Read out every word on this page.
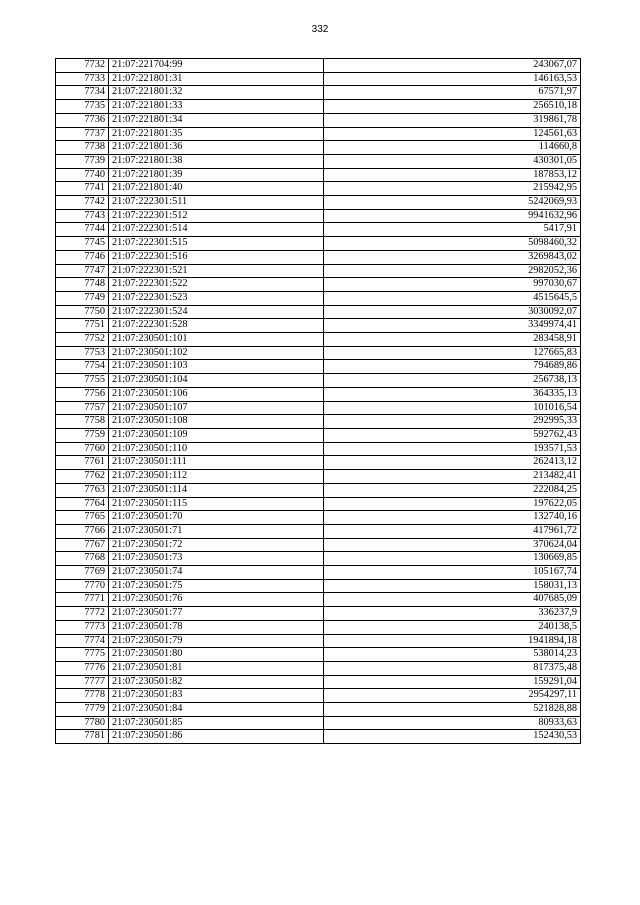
332
7732	21:07:221704:99	243067,07
7733	21:07:221801:31	146163,53
7734	21:07:221801:32	67571,97
7735	21:07:221801:33	256510,18
7736	21:07:221801:34	319861,78
7737	21:07:221801:35	124561,63
7738	21:07:221801:36	114660,8
7739	21:07:221801:38	430301,05
7740	21:07:221801:39	187853,12
7741	21:07:221801:40	215942,95
7742	21:07:222301:511	5242069,93
7743	21:07:222301:512	9941632,96
7744	21:07:222301:514	5417,91
7745	21:07:222301:515	5098460,32
7746	21:07:222301:516	3269843,02
7747	21:07:222301:521	2982052,36
7748	21:07:222301:522	997030,67
7749	21:07:222301:523	4515645,5
7750	21:07:222301:524	3030092,07
7751	21:07:222301:528	3349974,41
7752	21:07:230501:101	283458,91
7753	21:07:230501:102	127665,83
7754	21:07:230501:103	794689,86
7755	21:07:230501:104	256738,13
7756	21:07:230501:106	364335,13
7757	21:07:230501:107	101016,54
7758	21:07:230501:108	292995,33
7759	21:07:230501:109	592762,43
7760	21:07:230501:110	193571,53
7761	21:07:230501:111	262413,12
7762	21:07:230501:112	213482,41
7763	21:07:230501:114	222084,25
7764	21:07:230501:115	197622,05
7765	21:07:230501:70	132740,16
7766	21:07:230501:71	417961,72
7767	21:07:230501:72	370624,04
7768	21:07:230501:73	130669,85
7769	21:07:230501:74	105167,74
7770	21:07:230501:75	158031,13
7771	21:07:230501:76	407685,09
7772	21:07:230501:77	336237,9
7773	21:07:230501:78	240138,5
7774	21:07:230501:79	1941894,18
7775	21:07:230501:80	538014,23
7776	21:07:230501:81	817375,48
7777	21:07:230501:82	159291,04
7778	21:07:230501:83	2954297,11
7779	21:07:230501:84	521828,88
7780	21:07:230501:85	80933,63
7781	21:07:230501:86	152430,53
